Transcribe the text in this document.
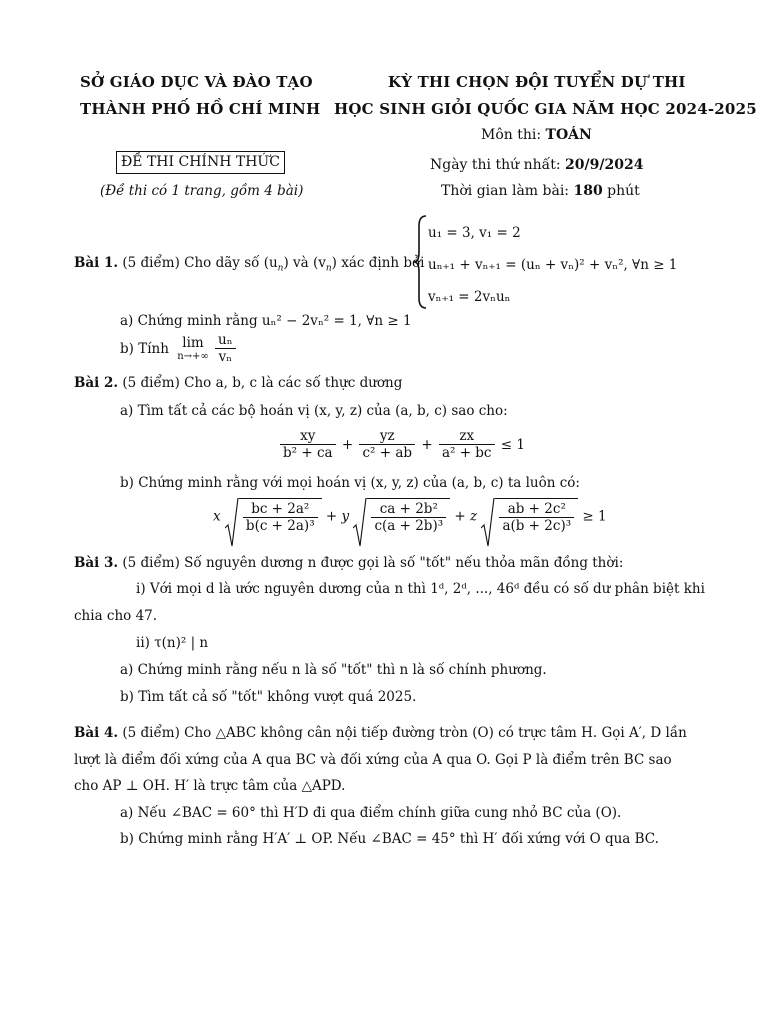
SỞ GIÁO DỤC VÀ ĐÀO TẠO
THÀNH PHỐ HỒ CHÍ MINH
KỲ THI CHỌN ĐỘI TUYỂN DỰ THI
HỌC SINH GIỎI QUỐC GIA NĂM HỌC 2024-2025
Môn thi: TOÁN
ĐỀ THI CHÍNH THỨC
(Đề thi có 1 trang, gồm 4 bài)
Ngày thi thứ nhất: 20/9/2024
Thời gian làm bài: 180 phút
Bài 1. (5 điểm) Cho dãy số $(u_n)$ và $(v_n)$ xác định bởi
u₁ = 3, v₁ = 2
uₙ₊₁ + vₙ₊₁ = (uₙ + vₙ)² + vₙ², ∀n ≥ 1
vₙ₊₁ = 2vₙuₙ
a) Chứng minh rằng uₙ² − 2vₙ² = 1, ∀n ≥ 1
b) Tính lim
n→+∞
$\frac{\text{uₙ}}{\text{vₙ}}$
Bài 2. (5 điểm) Cho a, b, c là các số thực dương
a) Tìm tất cả các bộ hoán vị (x, y, z) của (a, b, c) sao cho:
$\frac{xy}{\text{b² + ca}} + \frac{yz}{\text{c² + ab}} + \frac{zx}{\text{a² + bc}} \le 1$
b) Chứng minh rằng với mọi hoán vị (x, y, z) của (a, b, c) ta luôn có:
x $\frac{\text{bc + 2a²}}{\text{b(c + 2a)³}} + y \frac{\text{ca + 2b²}}{\text{c(a + 2b)³}} + z \frac{\text{ab + 2c²}}{\text{a(b + 2c)³}} \ge 1$
Bài 3. (5 điểm) Số nguyên dương n được gọi là số "tốt" nếu thỏa mãn đồng thời:
i) Với mọi d là ước nguyên dương của n thì 1ᵈ, 2ᵈ, ..., 46ᵈ đều có số dư phân biệt khi
chia cho 47.
ii) τ(n)² | n
a) Chứng minh rằng nếu n là số "tốt" thì n là số chính phương.
b) Tìm tất cả số "tốt" không vượt quá 2025.
Bài 4. (5 điểm) Cho △ABC không cân nội tiếp đường tròn (O) có trực tâm H. Gọi A′, D lần
lượt là điểm đối xứng của A qua BC và đối xứng của A qua O. Gọi P là điểm trên BC sao
cho AP ⊥ OH. H′ là trực tâm của △APD.
a) Nếu ∠BAC = 60° thì H′D đi qua điểm chính giữa cung nhỏ BC của (O).
b) Chứng minh rằng H′A′ ⊥ OP. Nếu ∠BAC = 45° thì H′ đối xứng với O qua BC.
